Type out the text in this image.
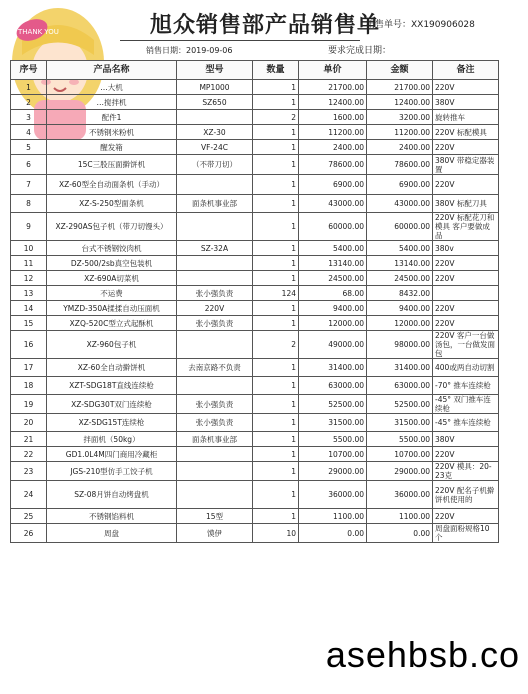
THANK YOU	旭众销售部产品销售单
销售单号：XX190906028
销售日期：2019-09-06	要求完成日期：
序号	产品名称	型号	数量	单价	金额	备注
1	…大机	MP1000	1	21700.00	21700.00	220V
2	…搅拌机	SZ650	1	12400.00	12400.00	380V
3	配件1		2	1600.00	3200.00	旋转推车
4	不锈钢米粉机	XZ-30	1	11200.00	11200.00	220V 标配模具
5	醒发箱	VF-24C	1	2400.00	2400.00	220V
6	15C三股压面擀饼机	（不带刀切）	1	78600.00	78600.00	380V 带稳定器装置
7	XZ-60型全自动面条机（手动）		1	6900.00	6900.00	220V
8	XZ-S-250型面条机	面条机事业部	1	43000.00	43000.00	380V 标配刀具
9	XZ-290AS包子机（带刀切馒头）		1	60000.00	60000.00	220V 标配花刀和模具 客户要做成品
10	台式不锈钢饺肉机	SZ-32A	1	5400.00	5400.00	380v
11	DZ-500/2sb真空包装机		1	13140.00	13140.00	220V
12	XZ-690A切菜机		1	24500.00	24500.00	220V
13	不运费	张小强负责	124	68.00	8432.00	
14	YMZD-350A揉揉自动压面机	220V	1	9400.00	9400.00	220V
15	XZQ-520C型立式起酥机	张小强负责	1	12000.00	12000.00	220V
16	XZ-960包子机		2	49000.00	98000.00	220V 客户一台做汤包，一台做发面包
17	XZ-60全自动擀饼机	去南京路不负责	1	31400.00	31400.00	400或两自动切割
18	XZT-SDG18T直线连续枪		1	63000.00	63000.00	-70° 推车连续枪
19	XZ-SDG30T双门连续枪	张小强负责	1	52500.00	52500.00	-45° 双门推车连续枪
20	XZ-SDG15T连续枪	张小强负责	1	31500.00	31500.00	-45° 推车连续枪
21	拌面机（50kg）	面条机事业部	1	5500.00	5500.00	380V
22	GD1.0L4M四门商用冷藏柜		1	10700.00	10700.00	220V
23	JGS-210型仿手工饺子机		1	29000.00	29000.00	220V 模具：20-23克
24	SZ-08月饼自动烤盘机		1	36000.00	36000.00	220V 配名子机擀饼机使用的
25	不锈钢馅料机	15型	1	1100.00	1100.00	220V
26	周盘	馍伊	10	0.00	0.00	周盘面粉规格10个
asehbsb.co
